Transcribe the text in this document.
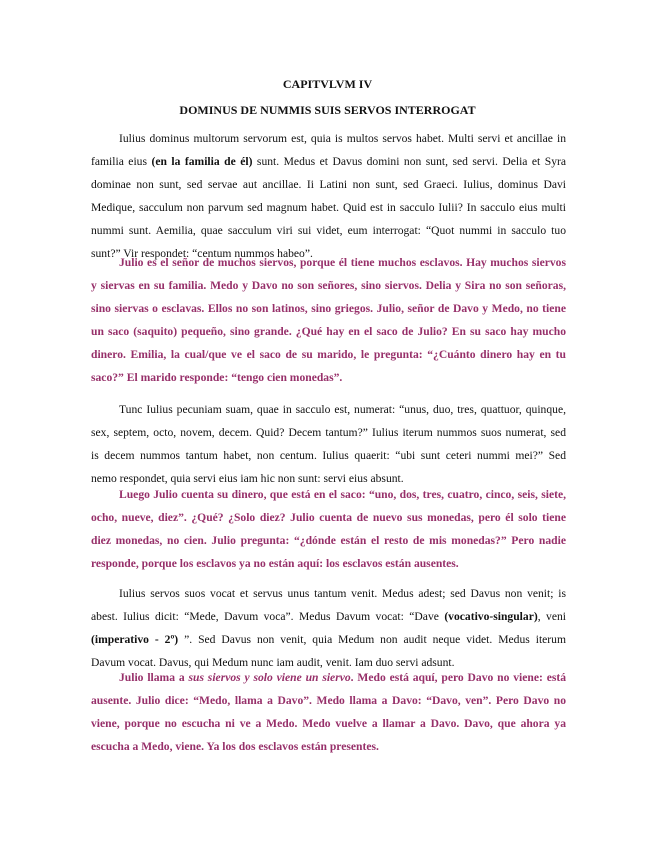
CAPITVLVM IV
DOMINUS DE NUMMIS SUIS SERVOS INTERROGAT
Iulius dominus multorum servorum est, quia is multos servos habet. Multi servi et ancillae in
familia eius (en la familia de él) sunt. Medus et Davus domini non sunt, sed servi. Delia et Syra
dominae non sunt, sed servae aut ancillae. Ii Latini non sunt, sed Graeci. Iulius, dominus Davi
Medique, sacculum non parvum sed magnum habet. Quid est in sacculo Iulii? In sacculo eius multi
nummi sunt. Aemilia, quae sacculum viri sui videt, eum interrogat: “Quot nummi in sacculo tuo
sunt?” Vir respondet: “centum nummos habeo”.
Julio es el señor de muchos siervos, porque él tiene muchos esclavos. Hay muchos siervos
y siervas en su familia. Medo y Davo no son señores, sino siervos. Delia y Sira no son señoras,
sino siervas o esclavas. Ellos no son latinos, sino griegos. Julio, señor de Davo y Medo, no tiene
un saco (saquito) pequeño, sino grande. ¿Qué hay en el saco de Julio? En su saco hay mucho
dinero. Emilia, la cual/que ve el saco de su marido, le pregunta: “¿Cuánto dinero hay en tu
saco?” El marido responde: “tengo cien monedas”.
Tunc Iulius pecuniam suam, quae in sacculo est, numerat: “unus, duo, tres, quattuor, quinque,
sex, septem, octo, novem, decem. Quid? Decem tantum?” Iulius iterum nummos suos numerat, sed
is decem nummos tantum habet, non centum. Iulius quaerit: “ubi sunt ceteri nummi mei?” Sed
nemo respondet, quia servi eius iam hic non sunt: servi eius absunt.
Luego Julio cuenta su dinero, que está en el saco: “uno, dos, tres, cuatro, cinco, seis, siete,
ocho, nueve, diez”. ¿Qué? ¿Solo diez? Julio cuenta de nuevo sus monedas, pero él solo tiene
diez monedas, no cien. Julio pregunta: “¿dónde están el resto de mis monedas?” Pero nadie
responde, porque los esclavos ya no están aquí: los esclavos están ausentes.
Iulius servos suos vocat et servus unus tantum venit. Medus adest; sed Davus non venit; is
abest. Iulius dicit: “Mede, Davum voca”. Medus Davum vocat: “Dave (vocativo-singular), veni
(imperativo - 2º) ”. Sed Davus non venit, quia Medum non audit neque videt. Medus iterum
Davum vocat. Davus, qui Medum nunc iam audit, venit. Iam duo servi adsunt.
Julio llama a sus siervos y solo viene un siervo. Medo está aquí, pero Davo no viene: está
ausente. Julio dice: “Medo, llama a Davo”. Medo llama a Davo: “Davo, ven”. Pero Davo no
viene, porque no escucha ni ve a Medo. Medo vuelve a llamar a Davo. Davo, que ahora ya
escucha a Medo, viene. Ya los dos esclavos están presentes.
